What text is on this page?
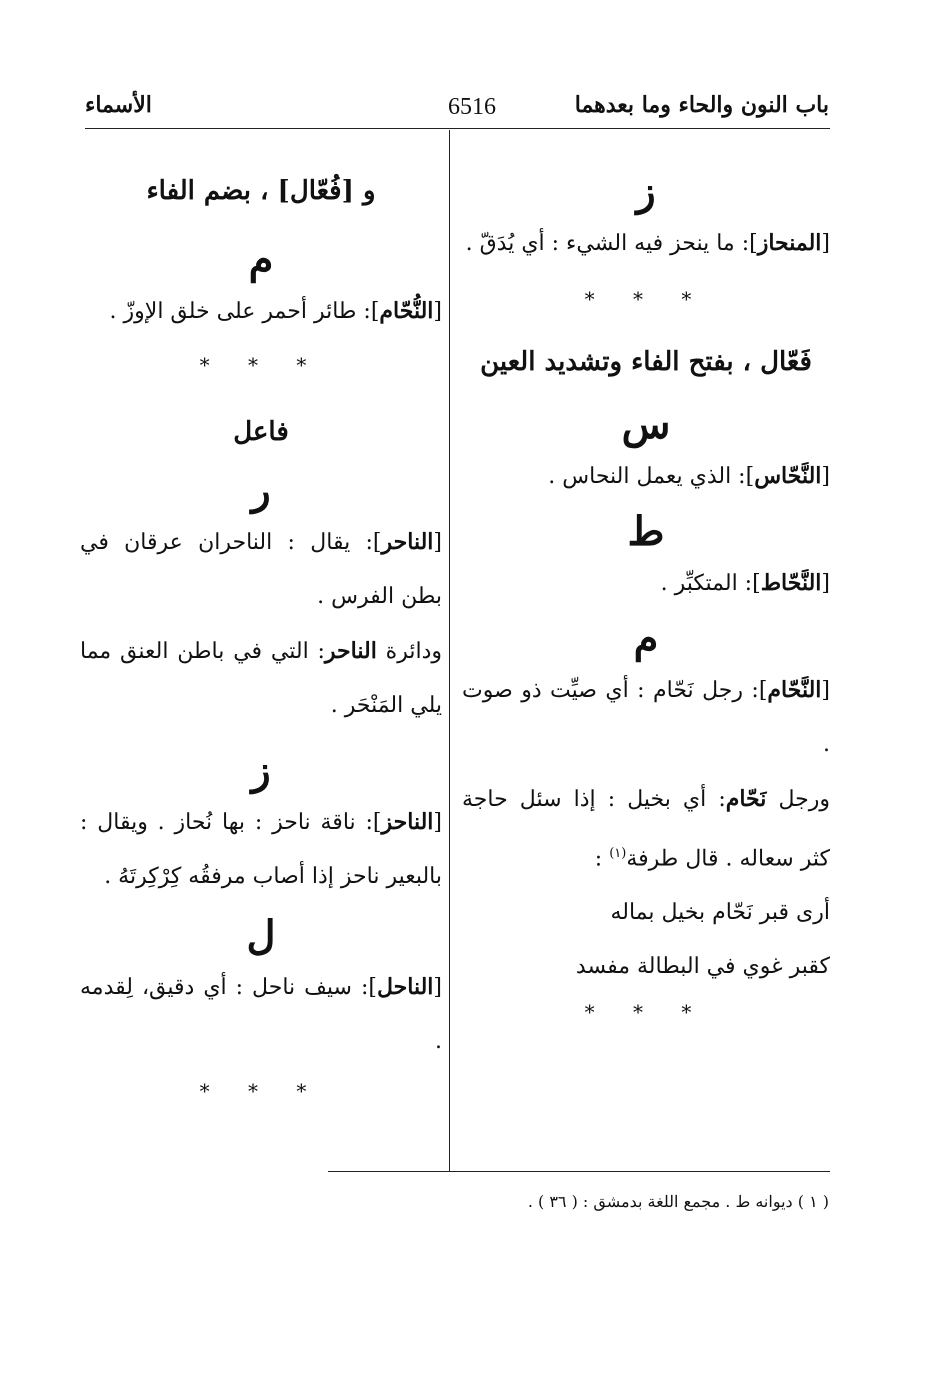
باب النون والحاء وما بعدهما
6516
الأسماء

ز

[المنحاز]: ما ينحز فيه الشيء : أي يُدَقّ .

* * *

فَعّال ، بفتح الفاء وتشديد العين

س

[النَّحّاس]: الذي يعمل النحاس .

ط

[النَّحّاط]: المتكبِّر .

م

[النَّحّام]: رجل نَحّام : أي صيِّت ذو صوت .

ورجل نَحّام: أي بخيل : إذا سئل حاجة كثر سعاله . قال طرفة$^{(١)}$ :

أرى قبر نَحّام بخيل بماله

كقبر غوي في البطالة مفسد

* * *

و [فُعّال] ، بضم الفاء

م

[النُّحّام]: طائر أحمر على خلق الإوزّ .

* * *

فاعل

ر

[الناحر]: يقال : الناحران عرقان في بطن الفرس .

ودائرة الناحر: التي في باطن العنق مما يلي المَنْحَر .

ز

[الناحز]: ناقة ناحز : بها نُحاز . ويقال : بالبعير ناحز إذا أصاب مرفقُه كِرْكِرتَهُ .

ل

[الناحل]: سيف ناحل : أي دقيق، لِقدمه .

* * *

( ١ ) ديوانه ط . مجمع اللغة بدمشق : ( ٣٦ ) .
